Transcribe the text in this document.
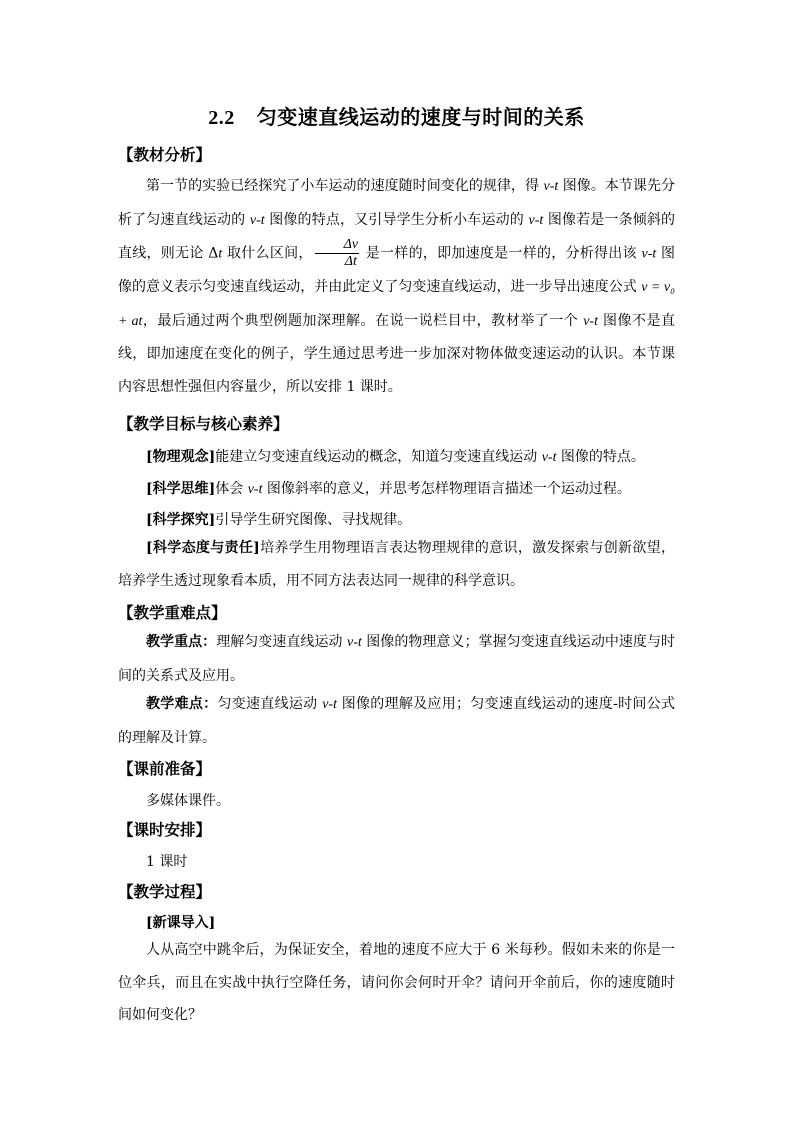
2.2 匀变速直线运动的速度与时间的关系
【教材分析】
第一节的实验已经探究了小车运动的速度随时间变化的规律，得 v-t 图像。本节课先分析了匀速直线运动的 v-t 图像的特点，又引导学生分析小车运动的 v-t 图像若是一条倾斜的直线，则无论 Δt 取什么区间， $\frac{\Delta v}{\Delta t}$ 是一样的，即加速度是一样的，分析得出该 v-t 图像的意义表示匀变速直线运动，并由此定义了匀变速直线运动，进一步导出速度公式 v = v₀ + at，最后通过两个典型例题加深理解。在说一说栏目中，教材举了一个 v-t 图像不是直线，即加速度在变化的例子，学生通过思考进一步加深对物体做变速运动的认识。本节课内容思想性强但内容量少，所以安排 1 课时。
【教学目标与核心素养】
[物理观念]能建立匀变速直线运动的概念，知道匀变速直线运动 v-t 图像的特点。
[科学思维]体会 v-t 图像斜率的意义，并思考怎样物理语言描述一个运动过程。
[科学探究]引导学生研究图像、寻找规律。
[科学态度与责任]培养学生用物理语言表达物理规律的意识，激发探索与创新欲望，培养学生透过现象看本质，用不同方法表达同一规律的科学意识。
【教学重难点】
教学重点：理解匀变速直线运动 v-t 图像的物理意义；掌握匀变速直线运动中速度与时间的关系式及应用。
教学难点：匀变速直线运动 v-t 图像的理解及应用；匀变速直线运动的速度-时间公式的理解及计算。
【课前准备】
多媒体课件。
【课时安排】
1 课时
【教学过程】
[新课导入]
人从高空中跳伞后，为保证安全，着地的速度不应大于 6 米每秒。假如未来的你是一位伞兵，而且在实战中执行空降任务，请问你会何时开伞？请问开伞前后，你的速度随时间如何变化？
